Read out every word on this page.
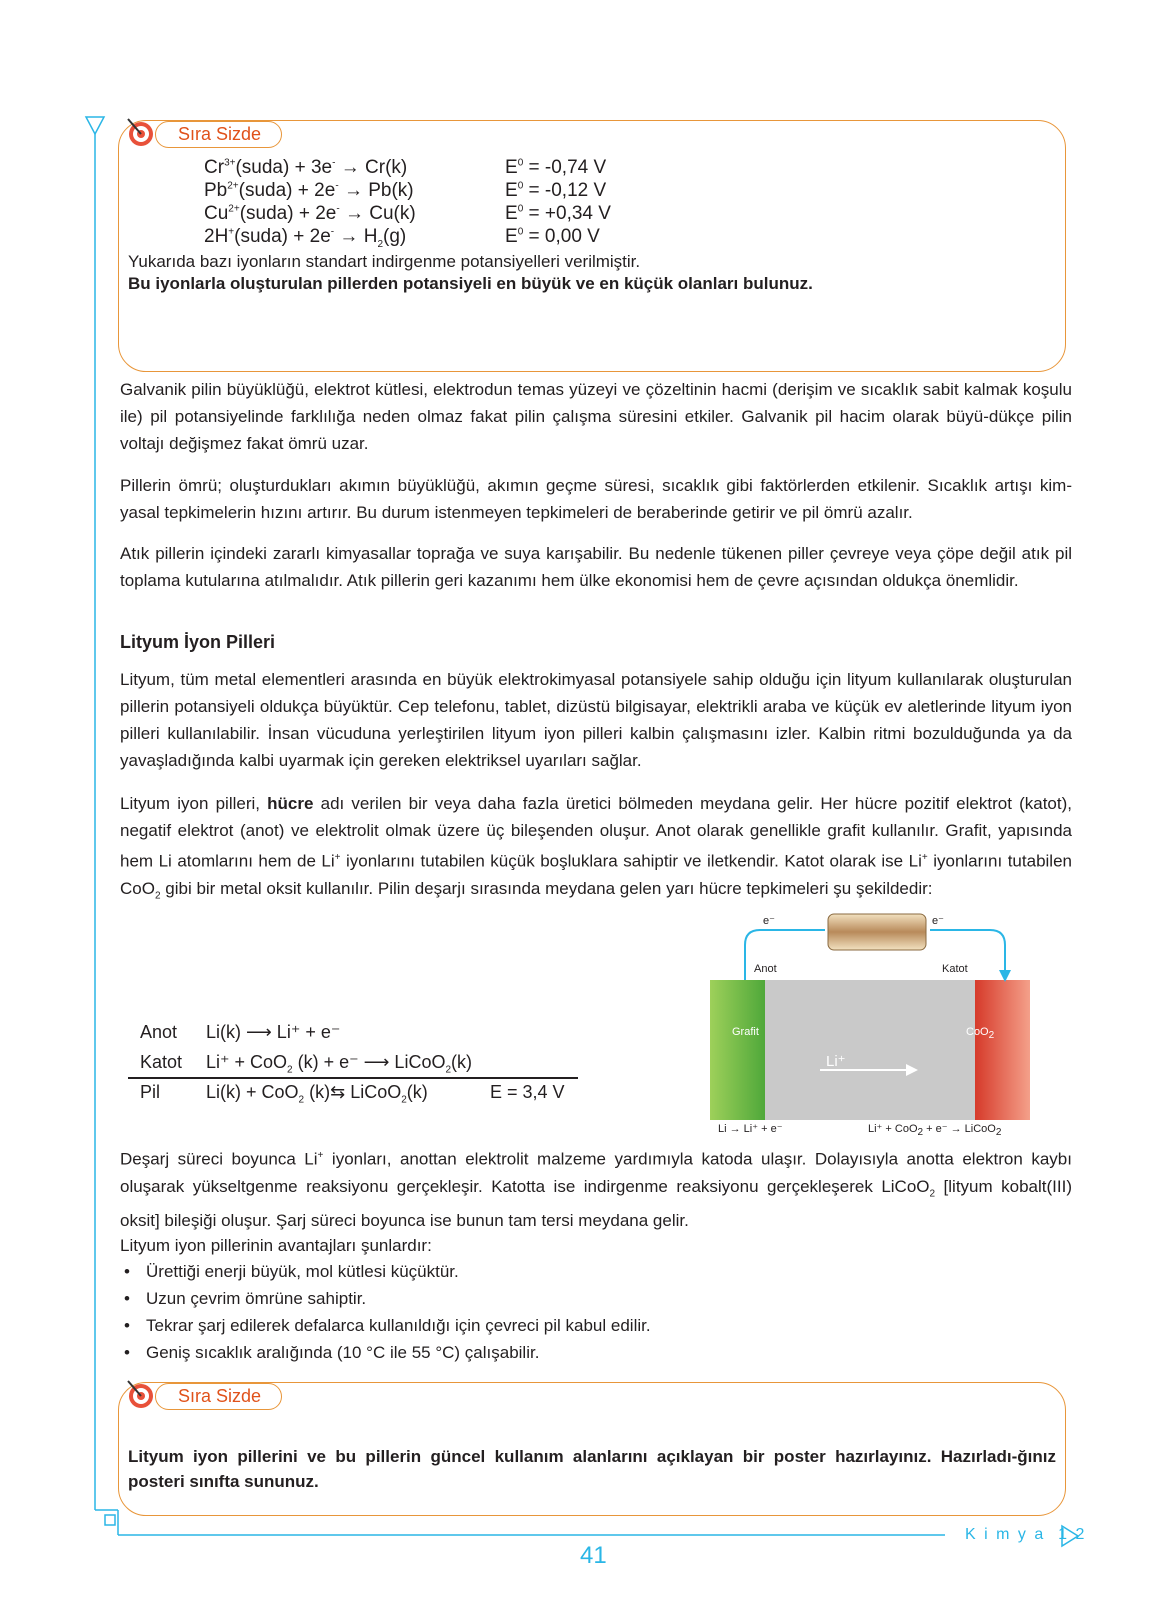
Sıra Sizde
$Cr^{3+}(suda) + 3e^- \to Cr(k)$	$E^0 = -0,74$ V
$Pb^{2+}(suda) + 2e^- \to Pb(k)$	$E^0 = -0,12$ V
$Cu^{2+}(suda) + 2e^- \to Cu(k)$	$E^0 = +0,34$ V
2H+(suda) + $2e^- \to H_2(g)$	$E^0 = 0,00$ V
Yukarıda bazı iyonların standart indirgenme potansiyelleri verilmiştir.
Bu iyonlarla oluşturulan pillerden potansiyeli en büyük ve en küçük olanları bulunuz.
Galvanik pilin büyüklüğü, elektrot kütlesi, elektrodun temas yüzeyi ve çözeltinin hacmi (derişim ve sıcaklık sabit kalmak koşulu ile) pil potansiyelinde farklılığa neden olmaz fakat pilin çalışma süresini etkiler. Galvanik pil hacim olarak büyü-dükçe pilin voltajı değişmez fakat ömrü uzar.
Pillerin ömrü; oluşturdukları akımın büyüklüğü, akımın geçme süresi, sıcaklık gibi faktörlerden etkilenir. Sıcaklık artışı kim-yasal tepkimelerin hızını artırır. Bu durum istenmeyen tepkimeleri de beraberinde getirir ve pil ömrü azalır.
Atık pillerin içindeki zararlı kimyasallar toprağa ve suya karışabilir. Bu nedenle tükenen piller çevreye veya çöpe değil atık pil toplama kutularına atılmalıdır. Atık pillerin geri kazanımı hem ülke ekonomisi hem de çevre açısından oldukça önemlidir.
Lityum İyon Pilleri
Lityum, tüm metal elementleri arasında en büyük elektrokimyasal potansiyele sahip olduğu için lityum kullanılarak oluşturulan pillerin potansiyeli oldukça büyüktür. Cep telefonu, tablet, dizüstü bilgisayar, elektrikli araba ve küçük ev aletlerinde lityum iyon pilleri kullanılabilir. İnsan vücuduna yerleştirilen lityum iyon pilleri kalbin çalışmasını izler. Kalbin ritmi bozulduğunda ya da yavaşladığında kalbi uyarmak için gereken elektriksel uyarıları sağlar.
Lityum iyon pilleri, hücre adı verilen bir veya daha fazla üretici bölmeden meydana gelir. Her hücre pozitif elektrot (katot), negatif elektrot (anot) ve elektrolit olmak üzere üç bileşenden oluşur. Anot olarak genellikle grafit kullanılır. Grafit, yapısında hem Li atomlarını hem de Li+ iyonlarını tutabilen küçük boşluklara sahiptir ve iletkendir. Katot olarak ise Li+ iyonlarını tutabilen CoO$_2$ gibi bir metal oksit kullanılır. Pilin deşarjı sırasında meydana gelen yarı hücre tepkimeleri şu şekildedir:
Anot Li(k) ⟶ Li⁺ + e⁻
Katot Li⁺ + CoO$_2$ (k) + e⁻ ⟶ LiCoO$_2$(k)
Pil	Li(k) + CoO$_2$ (k)⇆ LiCoO$_2$(k)	E = 3,4 V
e⁻	e⁻
Anot	Katot
Grafit	CoO$_2$
Li⁺
Li → Li⁺ + e⁻	Li⁺ + CoO$_2$ + e⁻ → LiCoO$_2$
Deşarj süreci boyunca Li+ iyonları, anottan elektrolit malzeme yardımıyla katoda ulaşır. Dolayısıyla anotta elektron kaybı oluşarak yükseltgenme reaksiyonu gerçekleşir. Katotta ise indirgenme reaksiyonu gerçekleşerek LiCoO$_2$ [lityum kobalt(III) oksit] bileşiği oluşur. Şarj süreci boyunca ise bunun tam tersi meydana gelir.
Lityum iyon pillerinin avantajları şunlardır:
• Ürettiği enerji büyük, mol kütlesi küçüktür.
• Uzun çevrim ömrüne sahiptir.
• Tekrar şarj edilerek defalarca kullanıldığı için çevreci pil kabul edilir.
• Geniş sıcaklık aralığında (10 °C ile 55 °C) çalışabilir.
Sıra Sizde
Lityum iyon pillerini ve bu pillerin güncel kullanım alanlarını açıklayan bir poster hazırlayınız. Hazırladı-ğınız posteri sınıfta sununuz.
41
K i m y a  1 2
